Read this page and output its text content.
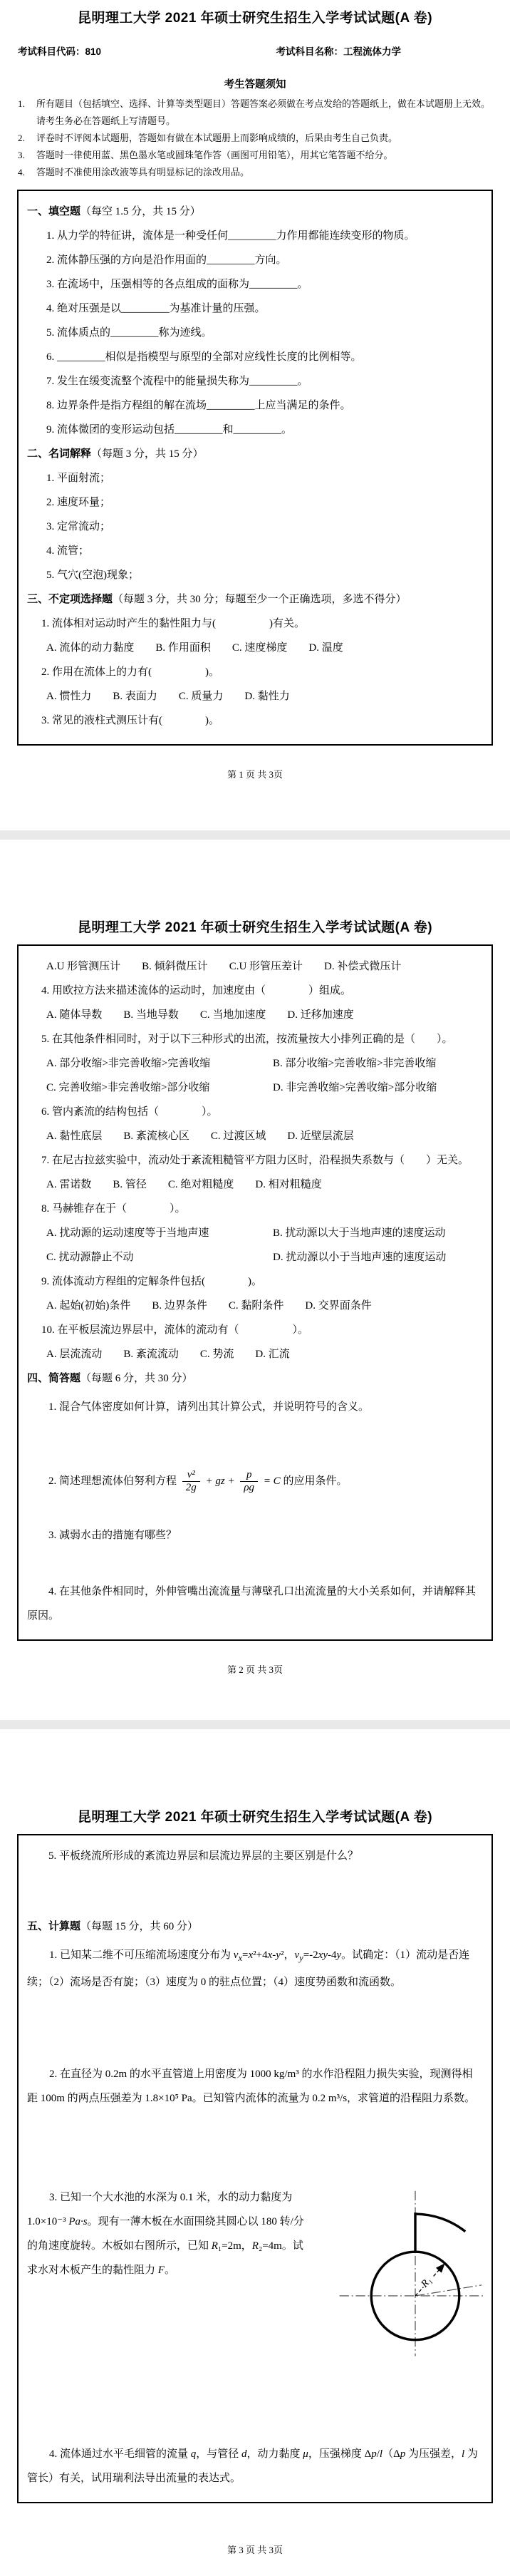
昆明理工大学 2021 年硕士研究生招生入学考试试题(A 卷)
考试科目代码：810	考试科目名称：工程流体力学
考生答题须知
1.	所有题目（包括填空、选择、计算等类型题目）答题答案必须做在考点发给的答题纸上，做在本试题册上无效。请考生务必在答题纸上写清题号。
2.	评卷时不评阅本试题册，答题如有做在本试题册上而影响成绩的，后果由考生自己负责。
3.	答题时一律使用蓝、黑色墨水笔或圆珠笔作答（画图可用铅笔），用其它笔答题不给分。
4.	答题时不准使用涂改液等具有明显标记的涂改用品。
一、填空题（每空 1.5 分，共 15 分）
1. 从力学的特征讲，流体是一种受任何_________力作用都能连续变形的物质。
2. 流体静压强的方向是沿作用面的_________方向。
3. 在流场中，压强相等的各点组成的面称为_________。
4. 绝对压强是以_________为基准计量的压强。
5. 流体质点的_________称为迹线。
6. _________相似是指模型与原型的全部对应线性长度的比例相等。
7. 发生在缓变流整个流程中的能量损失称为_________。
8. 边界条件是指方程组的解在流场_________上应当满足的条件。
9. 流体微团的变形运动包括_________和_________。
二、名词解释（每题 3 分，共 15 分）
1. 平面射流；
2. 速度环量；
3. 定常流动；
4. 流管；
5. 气穴(空泡)现象；
三、不定项选择题（每题 3 分，共 30 分；每题至少一个正确选项，多选不得分）
1. 流体相对运动时产生的黏性阻力与(　　　　　)有关。
A. 流体的动力黏度 B. 作用面积 C. 速度梯度 D. 温度
2. 作用在流体上的力有(　　　　　)。
A. 惯性力 B. 表面力 C. 质量力 D. 黏性力
3. 常见的液柱式测压计有(　　　　)。
第 1 页 共 3页
昆明理工大学 2021 年硕士研究生招生入学考试试题(A 卷)
A.U 形管测压计 B. 倾斜微压计 C.U 形管压差计 D. 补偿式微压计
4. 用欧拉方法来描述流体的运动时，加速度由（　　　　）组成。
A. 随体导数 B. 当地导数 C. 当地加速度 D. 迁移加速度
5. 在其他条件相同时，对于以下三种形式的出流，按流量按大小排列正确的是（　　）。
A. 部分收缩>非完善收缩>完善收缩	B. 部分收缩>完善收缩>非完善收缩
C. 完善收缩>非完善收缩>部分收缩	D. 非完善收缩>完善收缩>部分收缩
6. 管内紊流的结构包括（　　　　）。
A. 黏性底层 B. 紊流核心区 C. 过渡区域 D. 近壁层流层
7. 在尼古拉兹实验中，流动处于紊流粗糙管平方阻力区时，沿程损失系数与（　　）无关。
A. 雷诺数 B. 管径 C. 绝对粗糙度 D. 相对粗糙度
8. 马赫锥存在于（　　　　）。
A. 扰动源的运动速度等于当地声速	B. 扰动源以大于当地声速的速度运动
C. 扰动源静止不动	D. 扰动源以小于当地声速的速度运动
9. 流体流动方程组的定解条件包括(　　　　)。
A. 起始(初始)条件 B. 边界条件 C. 黏附条件 D. 交界面条件
10. 在平板层流边界层中，流体的流动有（　　　　　）。
A. 层流流动 B. 紊流流动 C. 势流 D. 汇流
四、简答题（每题 6 分，共 30 分）
1. 混合气体密度如何计算，请列出其计算公式，并说明符号的含义。
2. 简述理想流体伯努利方程 $\frac{\text{v²}}{2g}$ + gz + $\frac{p}{\rho g} = C$ 的应用条件。
3. 减弱水击的措施有哪些？
4. 在其他条件相同时，外伸管嘴出流流量与薄壁孔口出流流量的大小关系如何，并请解释其原因。
第 2 页 共 3页
昆明理工大学 2021 年硕士研究生招生入学考试试题(A 卷)
5. 平板绕流所形成的紊流边界层和层流边界层的主要区别是什么？
五、计算题（每题 15 分，共 60 分）
1. 已知某二维不可压缩流场速度分布为 $v_x=x^2+4x-y^2$，$v_y=-2xy-4y$。试确定：（1）流动是否连续；（2）流场是否有旋；（3）速度为 0 的驻点位置；（4）速度势函数和流函数。
2. 在直径为 0.2m 的水平直管道上用密度为 1000 kg/m³ 的水作沿程阻力损失实验，现测得相距 100m 的两点压强差为 1.8×10⁵ Pa。已知管内流体的流量为 0.2 m³/s，求管道的沿程阻力系数。
3. 已知一个大水池的水深为 0.1 米，水的动力黏度为 1.0×10⁻³ Pa·s。现有一薄木板在水面围绕其圆心以 180 转/分的角速度旋转。木板如右图所示，已知 R₁=2m，R₂=4m。试求水对木板产生的黏性阻力 F。
R₁
4. 流体通过水平毛细管的流量 q，与管径 d，动力黏度 μ，压强梯度 Δp/l（Δp 为压强差，l 为管长）有关，试用瑞利法导出流量的表达式。
第 3 页 共 3页
